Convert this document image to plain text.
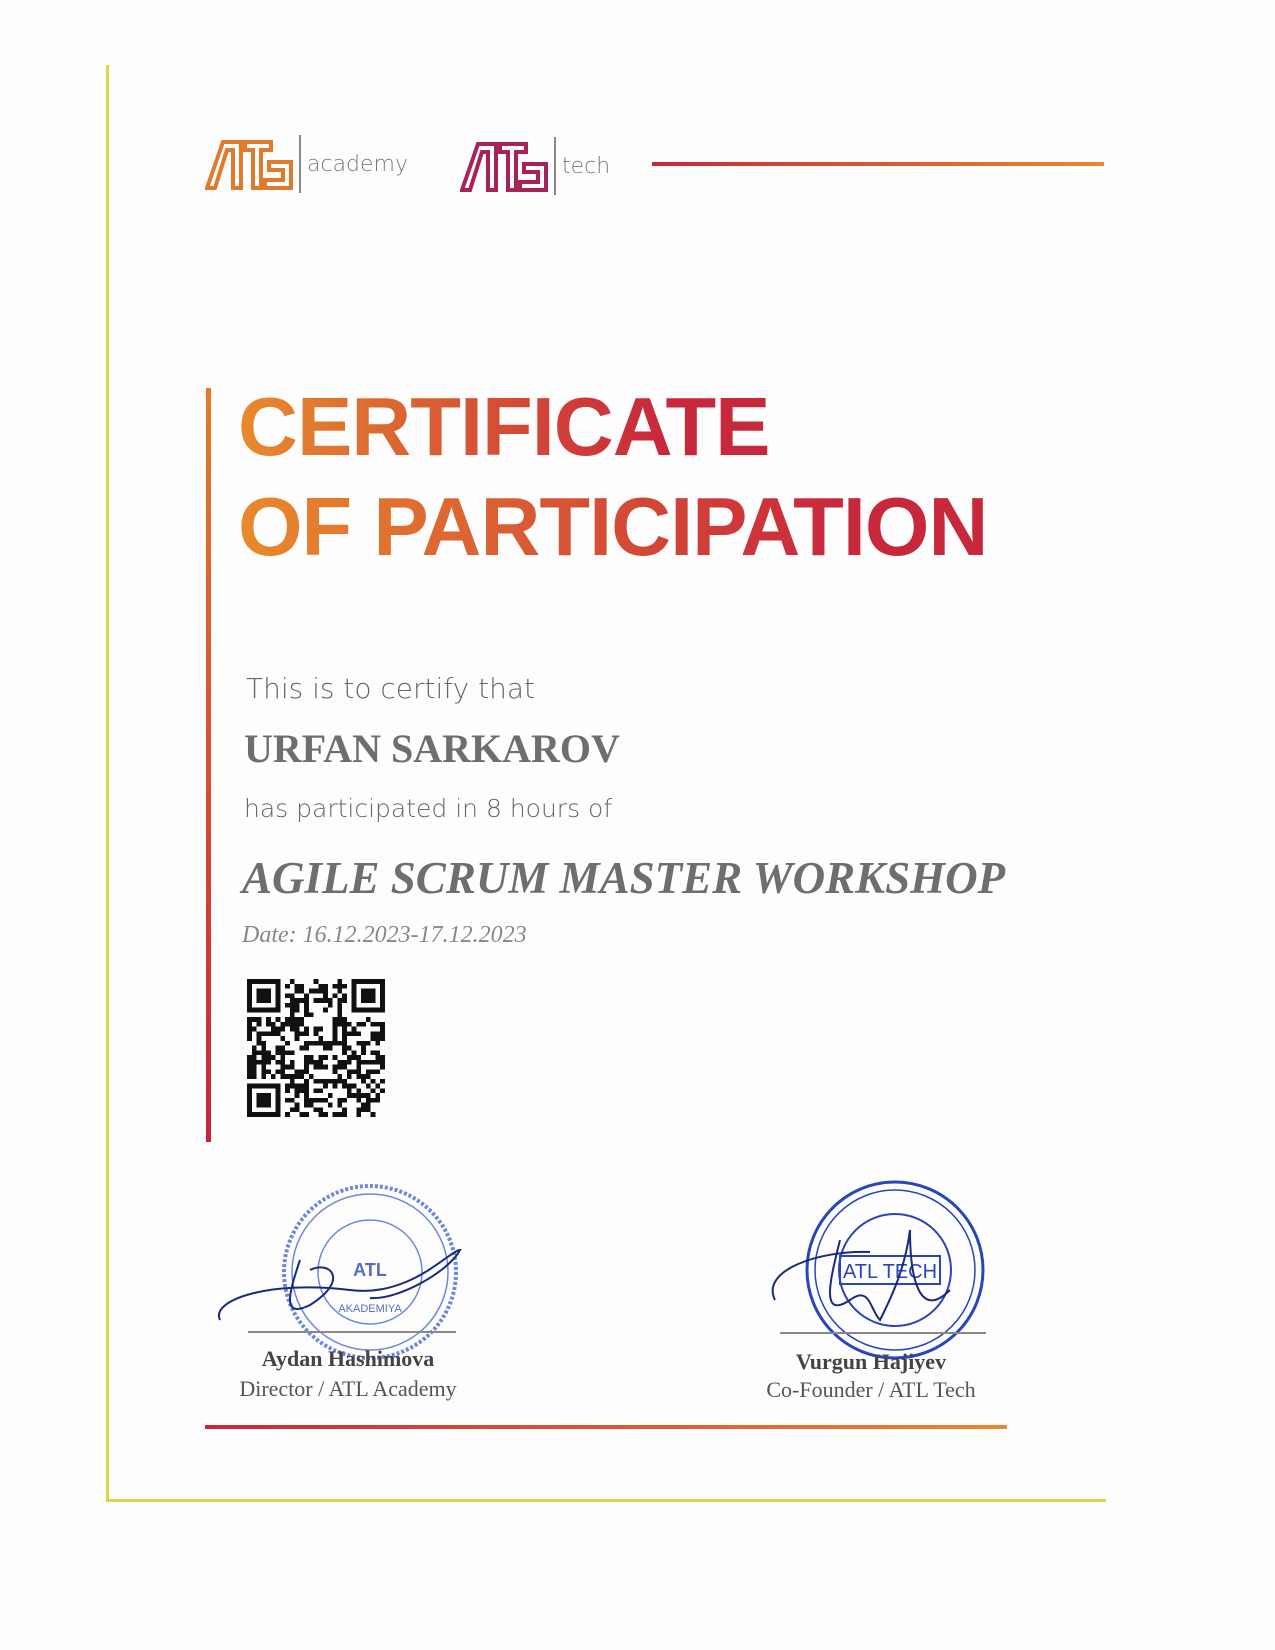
academy	tech
CERTIFICATE
OF PARTICIPATION
This is to certify that
URFAN SARKAROV
has participated in 8 hours of
AGILE SCRUM MASTER WORKSHOP
Date: 16.12.2023-17.12.2023
ATL
AKADEMIYA
Aydan Hashimova
Director / ATL Academy
ATL TECH
Vurgun Hajiyev
Co-Founder / ATL Tech
